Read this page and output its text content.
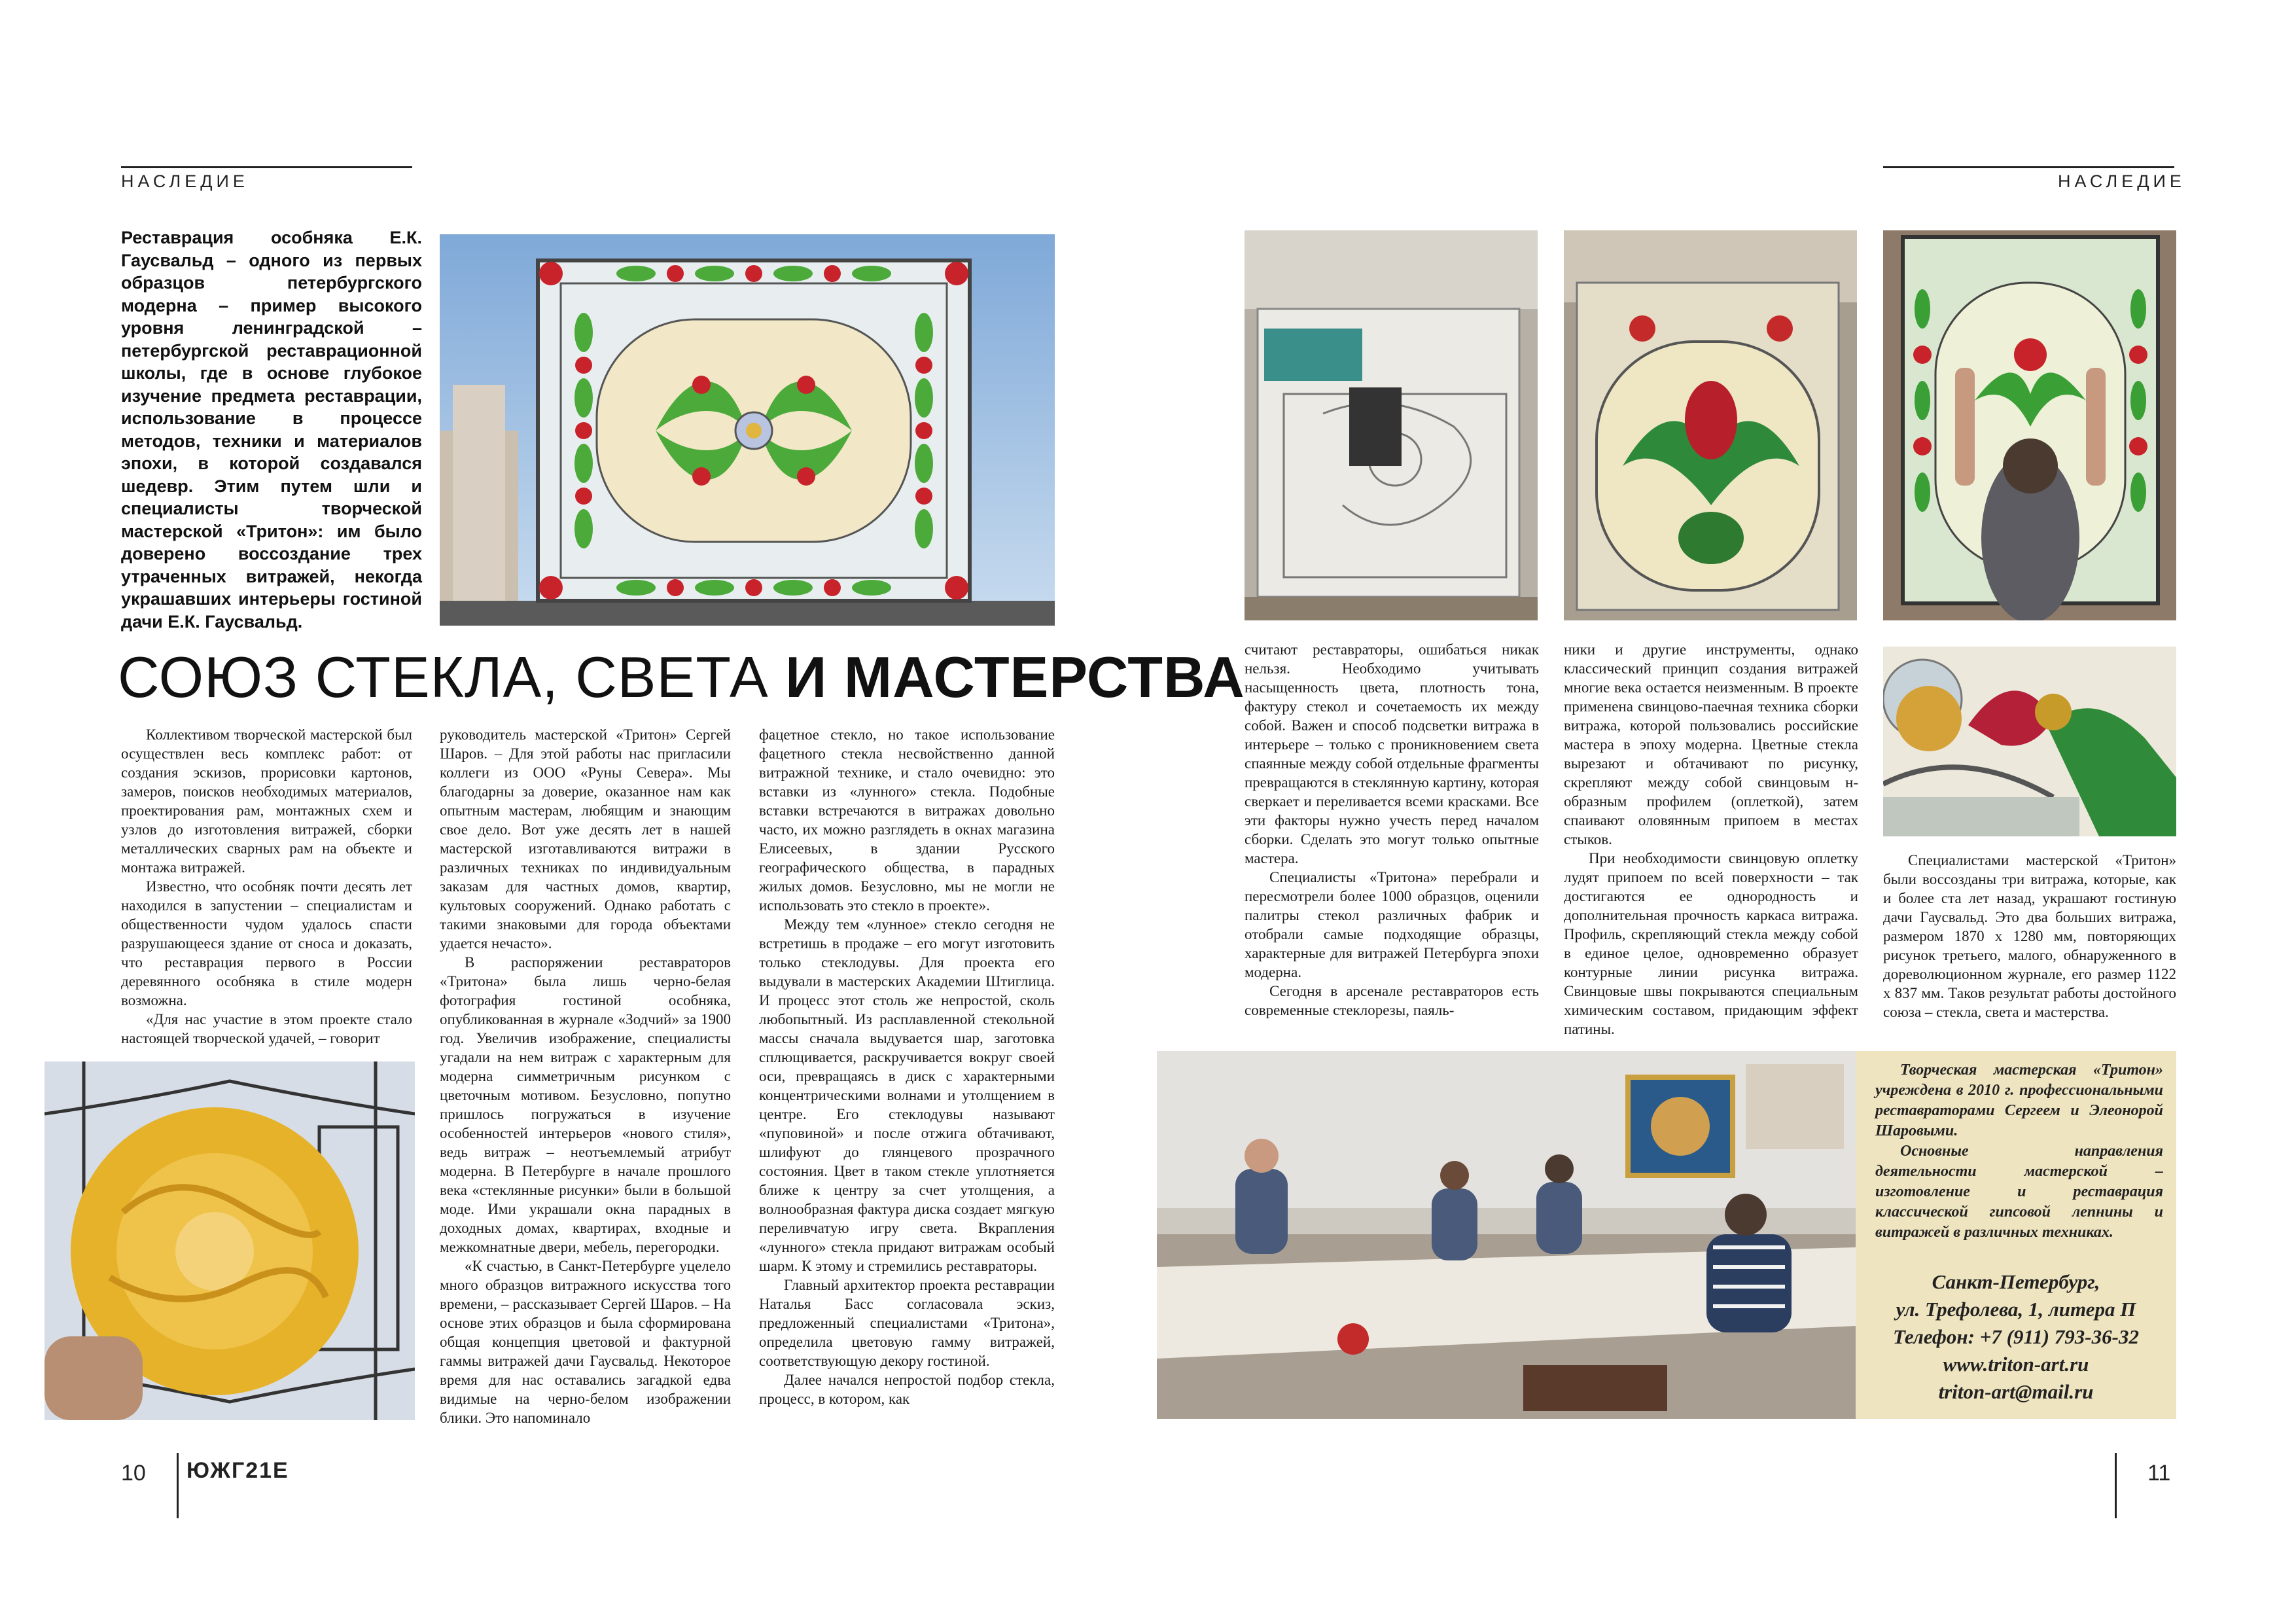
НАСЛЕДИЕ
Реставрация особняка Е.К. Гаусвальд – одного из первых образцов петербургского модерна – пример высокого уровня ленинградской – петербургской реставрационной школы, где в основе глубокое изучение предмета реставрации, использование в процессе методов, техники и материалов эпохи, в которой создавался шедевр. Этим путем шли и специалисты творческой мастерской «Тритон»: им было доверено воссоздание трех утраченных витражей, некогда украшавших интерьеры гостиной дачи Е.К. Гаусвальд.
СОЮЗ СТЕКЛА, СВЕТА И МАСТЕРСТВА

Коллективом творческой мастерской был осуществлен весь комплекс работ: от создания эскизов, прорисовки картонов, замеров, поисков необходимых материалов, проектирования рам, монтажных схем и узлов до изготовления витражей, сборки металлических сварных рам на объекте и монтажа витражей.

Известно, что особняк почти десять лет находился в запустении – специалистам и общественности чудом удалось спасти разрушающееся здание от сноса и доказать, что реставрация первого в России деревянного особняка в стиле модерн возможна.

«Для нас участие в этом проекте стало настоящей творческой удачей, – говорит

руководитель мастерской «Тритон» Сергей Шаров. – Для этой работы нас пригласили коллеги из ООО «Руны Севера». Мы благодарны за доверие, оказанное нам как опытным мастерам, любящим и знающим свое дело. Вот уже десять лет в нашей мастерской изготавливаются витражи в различных техниках по индивидуальным заказам для частных домов, квартир, культовых сооружений. Однако работать с такими знаковыми для города объектами удается нечасто».

В распоряжении реставраторов «Тритона» была лишь черно-белая фотография гостиной особняка, опубликованная в журнале «Зодчий» за 1900 год. Увеличив изображение, специалисты угадали на нем витраж с характерным для модерна симметричным рисунком с цветочным мотивом. Безусловно, попутно пришлось погружаться в изучение особенностей интерьеров «нового стиля», ведь витраж – неотъемлемый атрибут модерна. В Петербурге в начале прошлого века «стеклянные рисунки» были в большой моде. Ими украшали окна парадных в доходных домах, квартирах, входные и межкомнатные двери, мебель, перегородки.

«К счастью, в Санкт-Петербурге уцелело много образцов витражного искусства того времени, – рассказывает Сергей Шаров. – На основе этих образцов и была сформирована общая концепция цветовой и фактурной гаммы витражей дачи Гаусвальд. Некоторое время для нас оставались загадкой едва видимые на черно-белом изображении блики. Это напоминало

фацетное стекло, но такое использование фацетного стекла несвойственно данной витражной технике, и стало очевидно: это вставки из «лунного» стекла. Подобные вставки встречаются в витражах довольно часто, их можно разглядеть в окнах магазина Елисеевых, в здании Русского географического общества, в парадных жилых домов. Безусловно, мы не могли не использовать это стекло в проекте».

Между тем «лунное» стекло сегодня не встретишь в продаже – его могут изготовить только стеклодувы. Для проекта его выдували в мастерских Академии Штиглица. И процесс этот столь же непростой, сколь любопытный. Из расплавленной стекольной массы сначала выдувается шар, заготовка сплющивается, раскручивается вокруг своей оси, превращаясь в диск с характерными концентрическими волнами и утолщением в центре. Его стеклодувы называют «пуповиной» и после отжига обтачивают, шлифуют до глянцевого прозрачного состояния. Цвет в таком стекле уплотняется ближе к центру за счет утолщения, а волнообразная фактура диска создает мягкую переливчатую игру света. Вкрапления «лунного» стекла придают витражам особый шарм. К этому и стремились реставраторы.

Главный архитектор проекта реставрации Наталья Басс согласовала эскиз, предложенный специалистами «Тритона», определила цветовую гамму витражей, соответствующую декору гостиной.

Далее начался непростой подбор стекла, процесс, в котором, как

10 ЮЖГ21Е
НАСЛЕДИЕ

считают реставраторы, ошибаться никак нельзя. Необходимо учитывать насыщенность цвета, плотность тона, фактуру стекол и сочетаемость их между собой. Важен и способ подсветки витража в интерьере – только с проникновением света спаянные между собой отдельные фрагменты превращаются в стеклянную картину, которая сверкает и переливается всеми красками. Все эти факторы нужно учесть перед началом сборки. Сделать это могут только опытные мастера.

Специалисты «Тритона» перебрали и пересмотрели более 1000 образцов, оценили палитры стекол различных фабрик и отобрали самые подходящие образцы, характерные для витражей Петербурга эпохи модерна.

Сегодня в арсенале реставраторов есть современные стеклорезы, паяль-

ники и другие инструменты, однако классический принцип создания витражей многие века остается неизменным. В проекте применена свинцово-паечная техника сборки витража, которой пользовались российские мастера в эпоху модерна. Цветные стекла вырезают и обтачивают по рисунку, скрепляют между собой свинцовым н-образным профилем (оплеткой), затем спаивают оловянным припоем в местах стыков.

При необходимости свинцовую оплетку лудят припоем по всей поверхности – так достигаются ее однородность и дополнительная прочность каркаса витража. Профиль, скрепляющий стекла между собой в единое целое, одновременно образует контурные линии рисунка витража. Свинцовые швы покрываются специальным химическим составом, придающим эффект патины.

Специалистами мастерской «Тритон» были воссозданы три витража, которые, как и более ста лет назад, украшают гостиную дачи Гаусвальд. Это два больших витража, размером 1870 х 1280 мм, повторяющих рисунок третьего, малого, обнаруженного в дореволюционном журнале, его размер 1122 х 837 мм. Таков результат работы достойного союза – стекла, света и мастерства.

Творческая мастерская «Тритон» учреждена в 2010 г. профессиональными реставраторами Сергеем и Элеонорой Шаровыми.

Основные направления деятельности мастерской – изготовление и реставрация классической гипсовой лепнины и витражей в различных техниках.

Санкт-Петербург,
ул. Трефолева, 1, литера П
Телефон: +7 (911) 793-36-32
www.triton-art.ru
triton-art@mail.ru
11
